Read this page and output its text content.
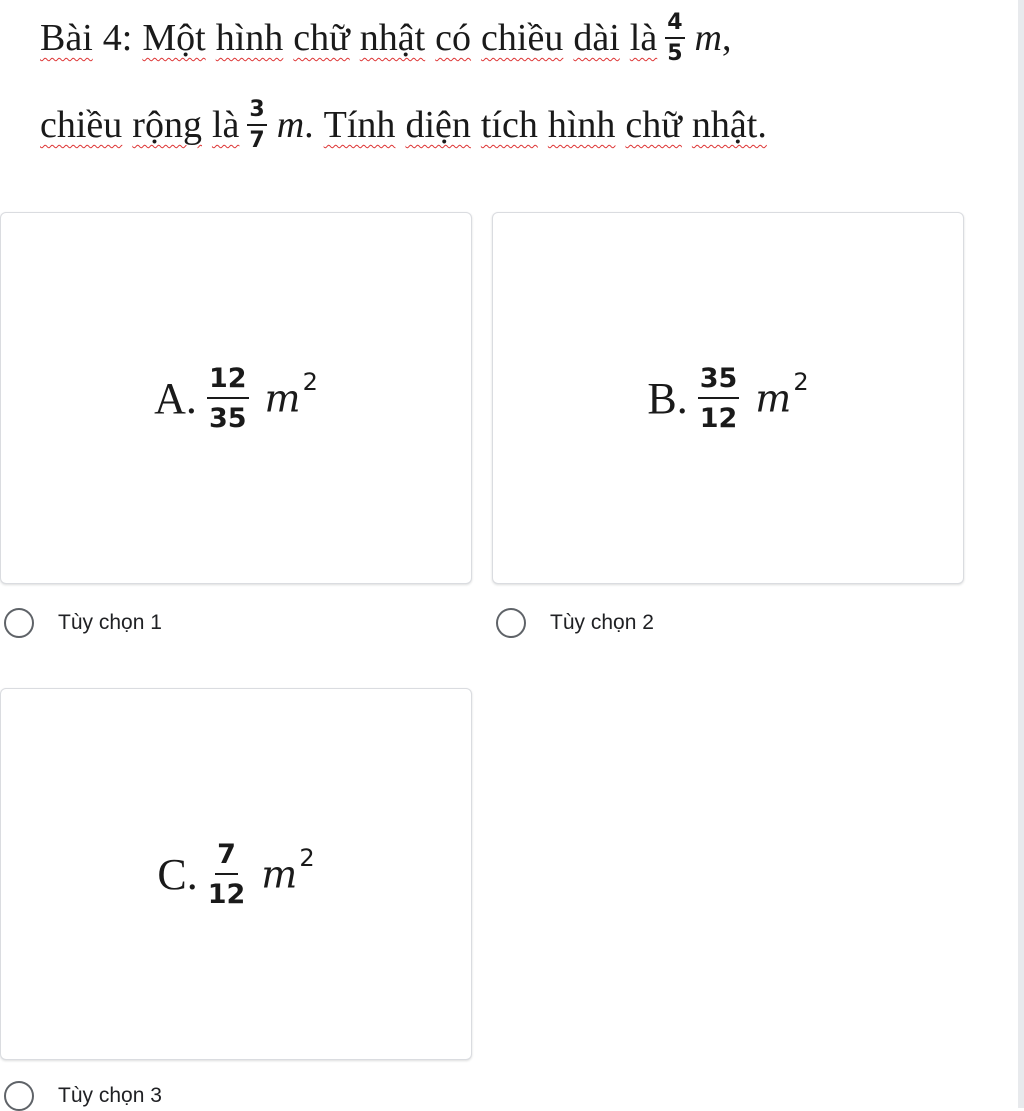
Bài 4: Một hình chữ nhật có chiều dài là $\frac{4}{5}$ m ,
chiều rộng là $\frac{3}{7}$ m . Tính diện tích hình chữ nhật.
A. $\frac{12}{35} m^2$	B. $\frac{35}{12} m^2$
Tùy chọn 1	Tùy chọn 2
C. $\frac{7}{12} m^2$
Tùy chọn 3
